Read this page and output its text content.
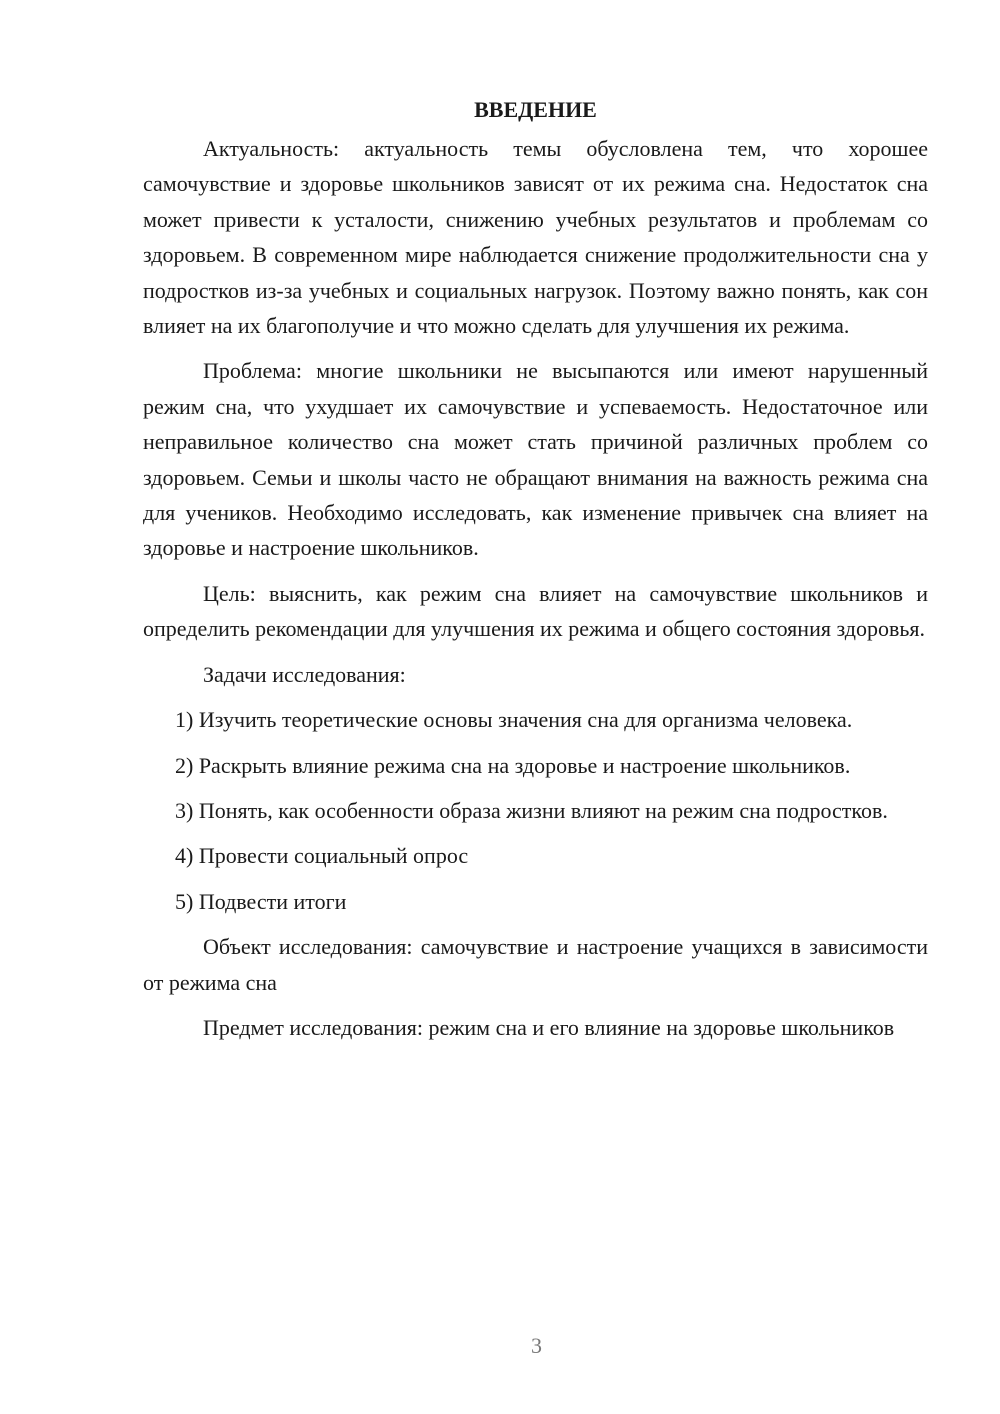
ВВЕДЕНИЕ

Актуальность: актуальность темы обусловлена тем, что хорошее самочувствие и здоровье школьников зависят от их режима сна. Недостаток сна может привести к усталости, снижению учебных результатов и проблемам со здоровьем. В современном мире наблюдается снижение продолжительности сна у подростков из-за учебных и социальных нагрузок. Поэтому важно понять, как сон влияет на их благополучие и что можно сделать для улучшения их режима.

Проблема: многие школьники не высыпаются или имеют нарушенный режим сна, что ухудшает их самочувствие и успеваемость. Недостаточное или неправильное количество сна может стать причиной различных проблем со здоровьем. Семьи и школы часто не обращают внимания на важность режима сна для учеников. Необходимо исследовать, как изменение привычек сна влияет на здоровье и настроение школьников.

Цель: выяснить, как режим сна влияет на самочувствие школьников и определить рекомендации для улучшения их режима и общего состояния здоровья.

Задачи исследования:

1) Изучить теоретические основы значения сна для организма человека.

2) Раскрыть влияние режима сна на здоровье и настроение школьников.

3) Понять, как особенности образа жизни влияют на режим сна подростков.

4) Провести социальный опрос

5) Подвести итоги

Объект исследования: самочувствие и настроение учащихся в зависимости от режима сна

Предмет исследования: режим сна и его влияние на здоровье школьников

3
